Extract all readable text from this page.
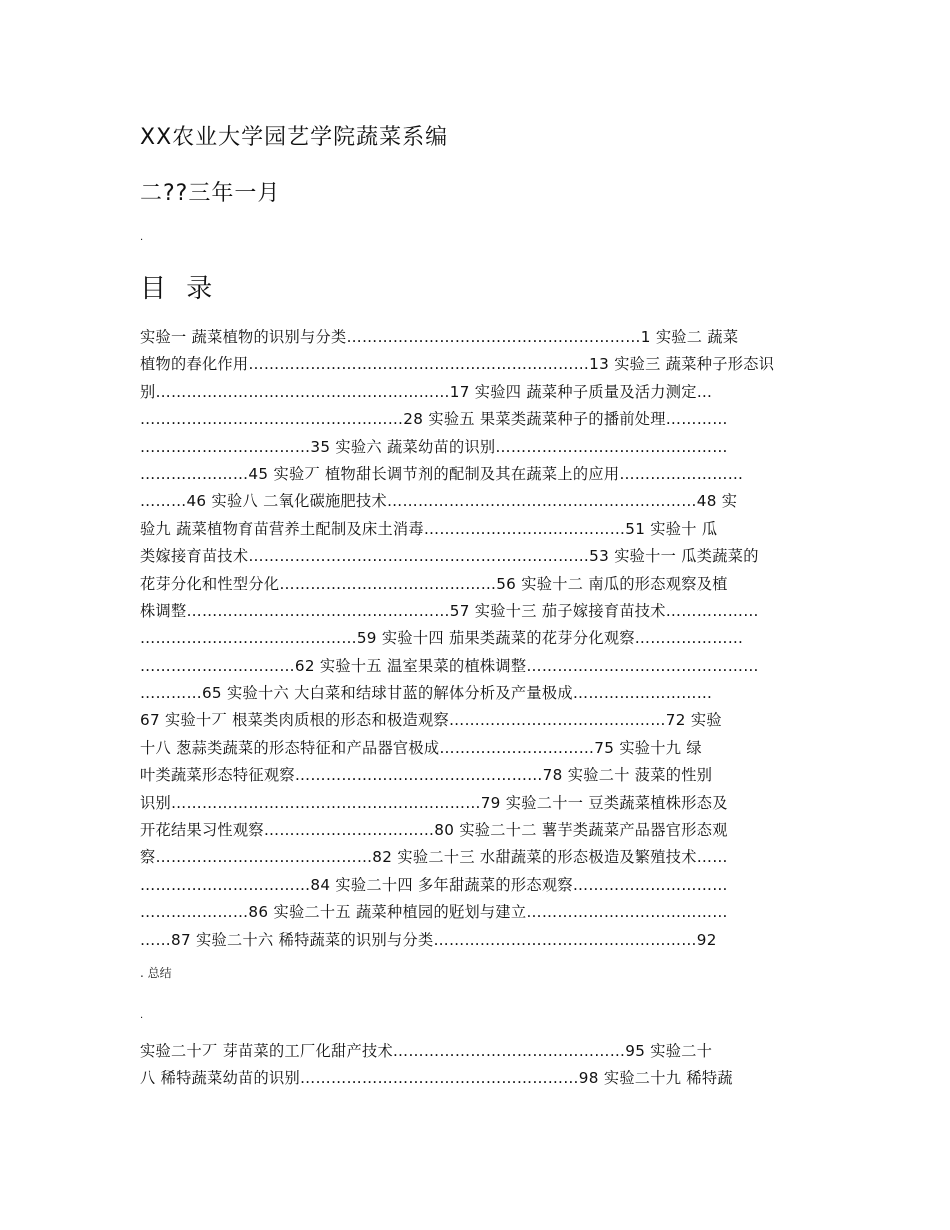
XX农业大学园艺学院蔬菜系编
二??三年一月
.
目 录
实验一 蔬菜植物的识别与分类…………………………………………………1 实验二 蔬菜
植物的春化作用…………………………………………………………13 实验三 蔬菜种子形态识
别…………………………………………………17 实验四 蔬菜种子质量及活力测定…
……………………………………………28 实验五 果菜类蔬菜种子的播前处理…………
……………………………35 实验六 蔬菜幼苗的识别………………………………………
…………………45 实验丆 植物甜长调节剂的配制及其在蔬菜上的应用……………………
………46 实验八 二氧化碳施肥技术……………………………………………………48 实
验九 蔬菜植物育苗营养土配制及床土消毒…………………………………51 实验十 瓜
类嫁接育苗技术…………………………………………………………53 实验十一 瓜类蔬菜的
花芽分化和性型分化……………………………………56 实验十二 南瓜的形态观察及植
株调整……………………………………………57 实验十三 茄子嫁接育苗技术………………
……………………………………59 实验十四 茄果类蔬菜的花芽分化观察…………………
…………………………62 实验十五 温室果菜的植株调整………………………………………
…………65 实验十六 大白菜和结球甘蓝的解体分析及产量极成………………………
67 实验十丆 根菜类肉质根的形态和极造观察……………………………………72 实验
十八 葱蒜类蔬菜的形态特征和产品器官极成…………………………75 实验十九 绿
叶类蔬菜形态特征观察…………………………………………78 实验二十 菠菜的性别
识别……………………………………………………79 实验二十一 豆类蔬菜植株形态及
开花结果习性观察……………………………80 实验二十二 薯芋类蔬菜产品器官形态观
察……………………………………82 实验二十三 水甜蔬菜的形态极造及繁殖技术……
……………………………84 实验二十四 多年甜蔬菜的形态观察…………………………
…………………86 实验二十五 蔬菜种植园的觃划与建立…………………………………
……87 实验二十六 稀特蔬菜的识别与分类……………………………………………92
. 总结
.
实验二十丆 芽苗菜的工厂化甜产技术………………………………………95 实验二十
八 稀特蔬菜幼苗的识别………………………………………………98 实验二十九 稀特蔬
